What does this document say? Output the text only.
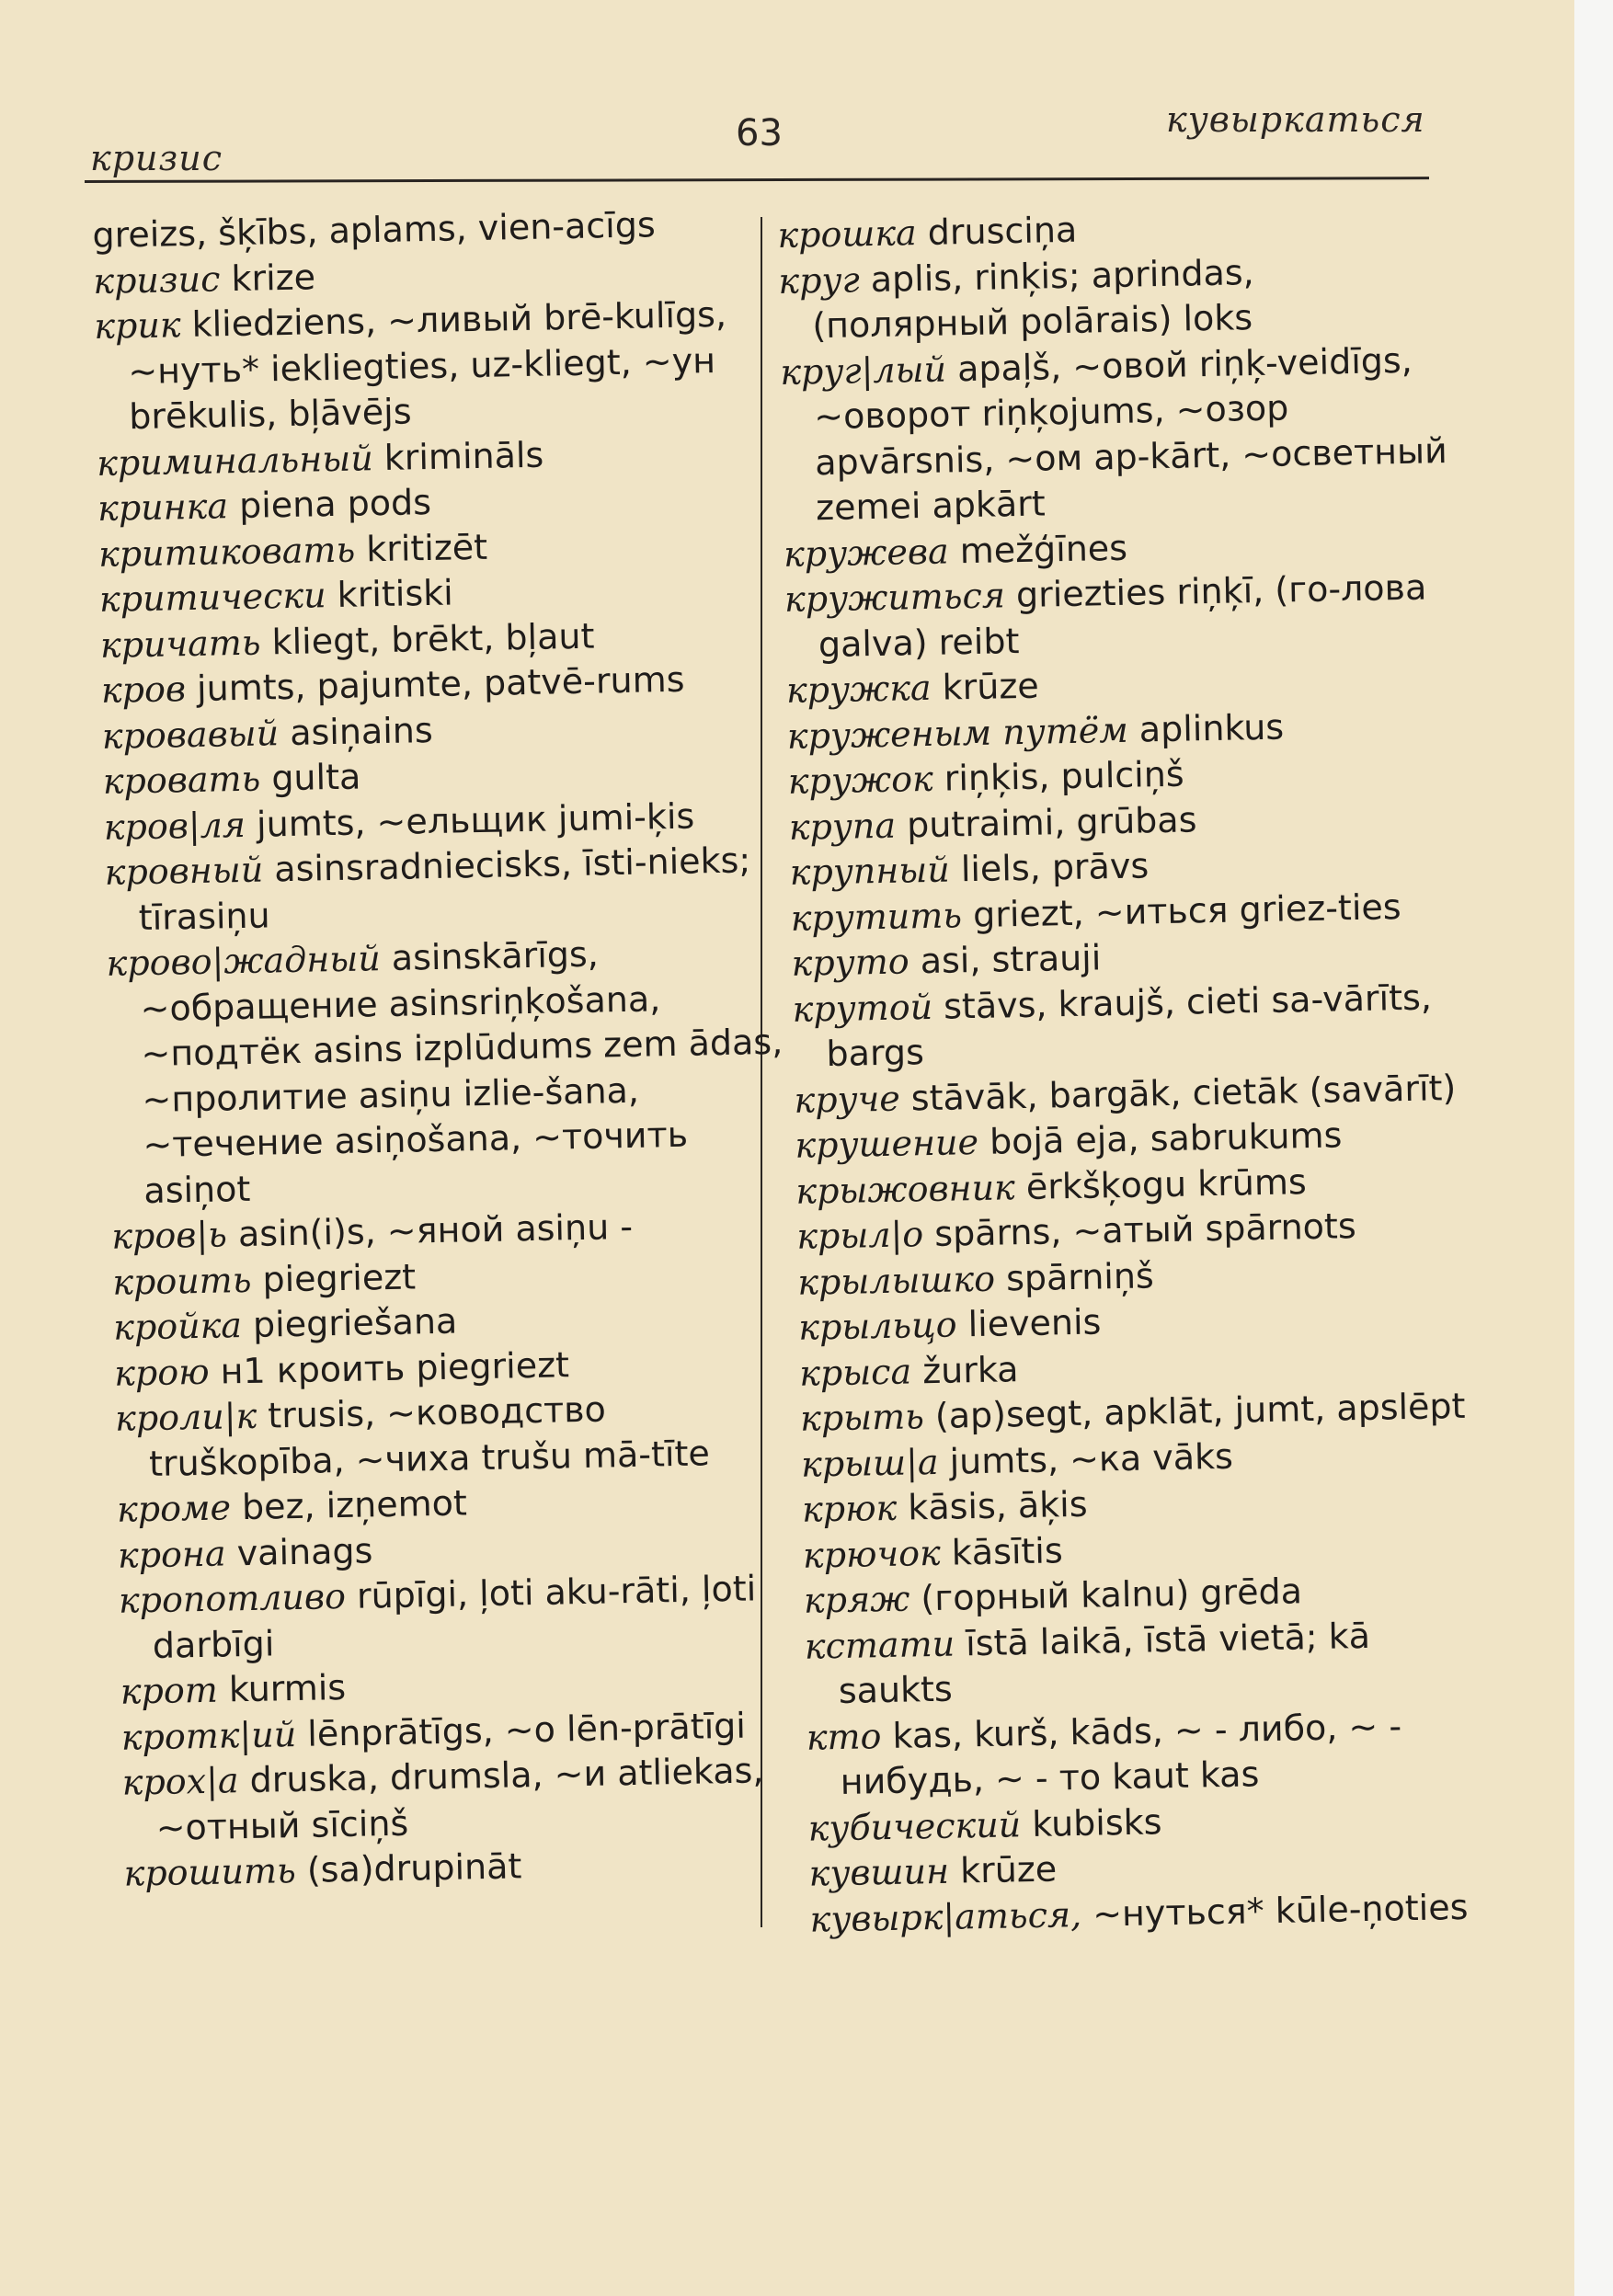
кризис
63	кувыркаться

greizs, šķībs, aplams, vien-acīgs

кризис krize

крик kliedziens, ~ливый brē-kulīgs, ~нуть* iekliegties, uz-kliegt, ~ун brēkulis, bļāvējs

криминальный krimināls

кринка piena pods

критиковать kritizēt

критически kritiski

кричать kliegt, brēkt, bļaut

кров jumts, pajumte, patvē-rums

кровавый asiņains

кровать gulta

кров|ля jumts, ~ельщик jumi-ķis

кровный asinsradniecisks, īsti-nieks; tīrasiņu

крово|жадный asinskārīgs, ~обращение asinsriņķošana, ~подтёк asins izplūdums zem ādas, ~пролитие asiņu izlie-šana, ~течение asiņošana, ~точить asiņot

кров|ь asin(i)s, ~яной asiņu -

кроить piegriezt

кройка piegriešana

крою н1 кроить piegriezt

кроли|к trusis, ~ководство truškopība, ~чиха trušu mā-tīte

кроме bez, izņemot

крона vainags

кропотливо rūpīgi, ļoti aku-rāti, ļoti darbīgi

крот kurmis

кротк|ий lēnprātīgs, ~о lēn-prātīgi

крох|а druska, drumsla, ~и atliekas, ~отный sīciņš

крошить (sa)drupināt

крошка drusciņa

круг aplis, rinķis; aprindas, (полярный polārais) loks

круг|лый apaļš, ~овой riņķ-veidīgs, ~оворот riņķojums, ~озор apvārsnis, ~ом ap-kārt, ~осветный zemei apkārt

кружева mežģīnes

кружиться griezties riņķī, (го-лова galva) reibt

кружка krūze

круженым путём aplinkus

кружок riņķis, pulciņš

крупа putraimi, grūbas

крупный liels, prāvs

крутить griezt, ~иться griez-ties

круто asi, strauji

крутой stāvs, kraujš, cieti sa-vārīts, bargs

круче stāvāk, bargāk, cietāk (savārīt)

крушение bojā eja, sabrukums

крыжовник ērkšķogu krūms

крыл|о spārns, ~атый spārnots

крылышко spārniņš

крыльцо lievenis

крыса žurka

крыть (ap)segt, apklāt, jumt, apslēpt

крыш|а jumts, ~ка vāks

крюк kāsis, āķis

крючок kāsītis

кряж (горный kalnu) grēda

кстати īstā laikā, īstā vietā; kā saukts

кто kas, kurš, kāds, ~ - либо, ~ - нибудь, ~ - то kaut kas

кубический kubisks

кувшин krūze

кувырк|аться, ~нуться* kūle-ņoties
